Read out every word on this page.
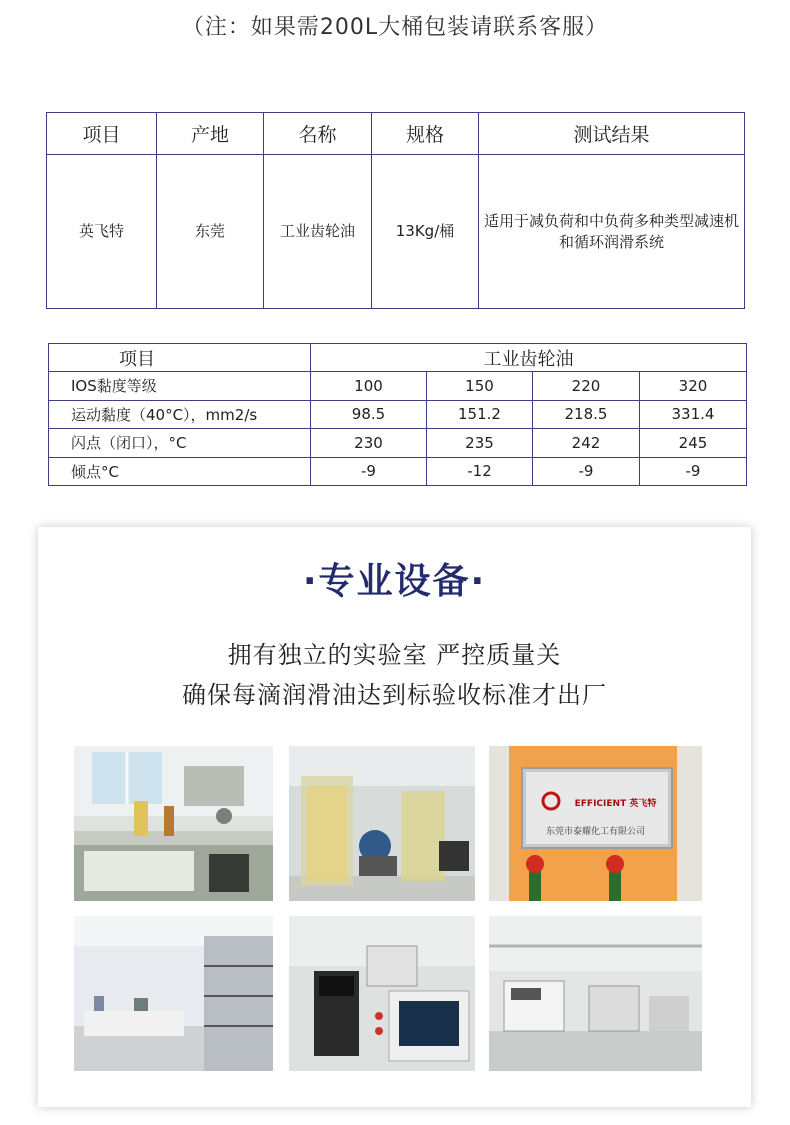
（注：如果需200L大桶包装请联系客服）
项目	产地	名称	规格	测试结果
英飞特	东莞	工业齿轮油	13Kg/桶	适用于减负荷和中负荷多种类型减速机和循环润滑系统
项目	工业齿轮油			
IOS黏度等级	100	150	220	320
运动黏度（40°C），mm2/s	98.5	151.2	218.5	331.4
闪点（闭口），°C	230	235	242	245
倾点°C	-9	-12	-9	-9
·专业设备·
拥有独立的实验室 严控质量关
确保每滴润滑油达到标验收标准才出厂
EFFICIENT 英飞特
东莞市泰耀化工有限公司
